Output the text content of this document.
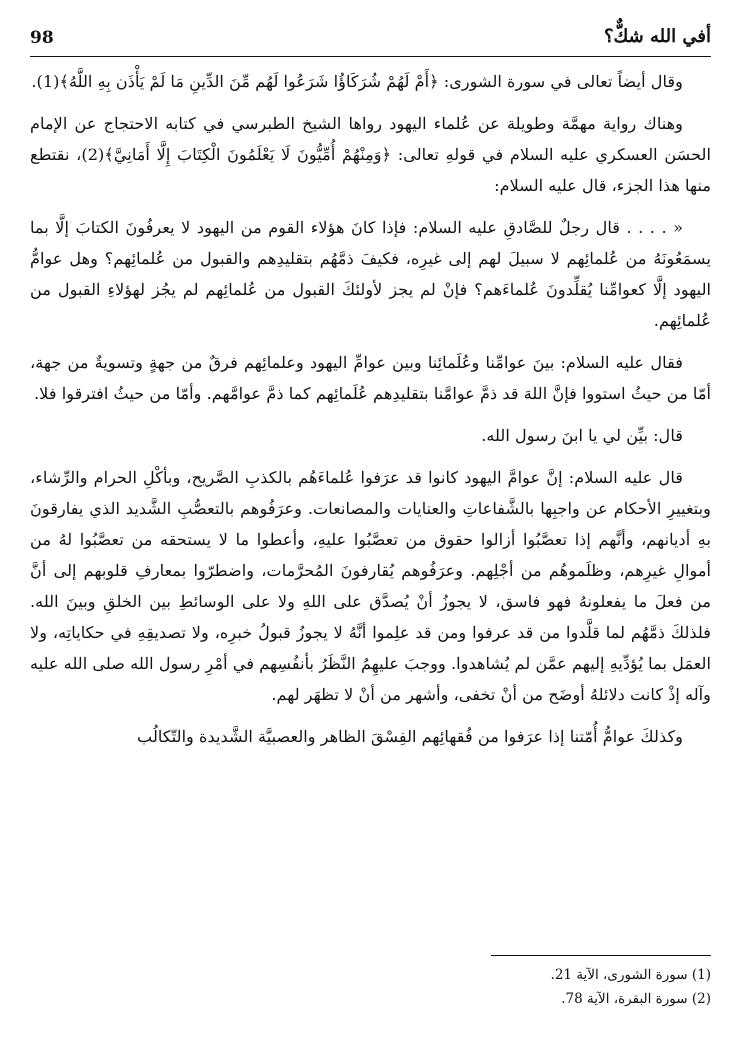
98	أفي الله شكٌّ؟

وقال أيضاً تعالى في سورة الشورى: ﴿أَمْ لَهُمْ شُرَكَاؤُا شَرَعُوا لَهُم مِّنَ الدِّينِ مَا لَمْ يَأْذَن بِهِ اللَّهُ﴾(1).

وهناك رواية مهمَّة وطويلة عن عُلماء اليهود رواها الشيخ الطبرسي في كتابه الاحتجاج عن الإمام الحسَن العسكري عليه السلام في قولهِ تعالى: ﴿وَمِنْهُمْ أُمِّيُّونَ لَا يَعْلَمُونَ الْكِتَابَ إِلَّا أَمَانِيَّ﴾(2)، نقتطع منها هذا الجزء، قال عليه السلام:

« . . . . قال رجلٌ للصَّادقِ عليه السلام: فإذا كانَ هؤلاء القوم من اليهود لا يعرفُونَ الكتابَ إلَّا بما يسمَعُونَهُ من عُلمائِهم لا سبيلَ لهم إلى غيرِه، فكيفَ ذمَّهُم بتقليدِهم والقبول من عُلمائِهم؟ وهل عوامُّ اليهود إلَّا كعوامِّنا يُقلِّدونَ عُلماءَهم؟ فإنْ لم يجز لأولئكَ القبول من عُلمائِهم لم يجُز لهؤلاءِ القبول من عُلمائِهم.

فقال عليه السلام: بينَ عوامِّنا وعُلَمائِنا وبين عوامِّ اليهود وعلمائِهم فرقٌ من جهةٍ وتسويةٌ من جهة، أمّا من حيثُ استووا فإنَّ اللهَ قد ذمَّ عوامَّنا بتقليدِهم عُلَمائِهم كما ذمَّ عوامَّهم. وأمّا من حيثُ افترقوا فلا.

قال: بيِّن لي يا ابنَ رسول الله.

قال عليه السلام: إنَّ عوامَّ اليهود كانوا قد عرَفوا عُلماءَهُم بالكذبِ الصَّريح، وبأكْلِ الحرام والرِّشاء، وبتغييرِ الأحكام عن واجبِها بالشَّفاعاتِ والعنايات والمصانعات. وعرَفُوهم بالتعصُّبِ الشَّديد الذي يفارقونَ بهِ أديانهم، وأنَّهم إذا تعصَّبُوا أزالوا حقوق من تعصَّبُوا عليهِ، وأعطوا ما لا يستحقه من تعصَّبُوا لهُ من أموالِ غيرِهم، وظلَموهُم من أجْلِهم. وعرَفُوهم يُقارفونَ المُحرَّمات، واضطرّوا بمعارفِ قلوبهم إلى أنَّ من فعلَ ما يفعلونهُ فهو فاسق، لا يجوزُ أنْ يُصدَّق على اللهِ ولا على الوسائطِ بين الخلقِ وبينَ الله. فلذلكَ ذمَّهُم لما قلَّدوا من قد عرفوا ومن قد علِموا أنَّهُ لا يجوزُ قبولُ خبرِه، ولا تصديقِهِ في حكاياتِه، ولا العمَل بما يُؤدِّيهِ إليهم عمَّن لم يُشاهدوا. ووجبَ عليهِمُ النَّظَرُ بأنفُسِهم في أمْرِ رسول الله صلى الله عليه وآله إذْ كانت دلائلهُ أوضَح من أنْ تخفى، وأشهر من أنْ لا تظهَر لهم.

وكذلكَ عوامُّ أُمّتنا إذا عرَفوا من فُقهائِهم الفِسْقَ الظاهر والعصبيَّة الشَّديدة والتّكالُب

(1) سورة الشورى، الآية 21.

(2) سورة البقرة، الآية 78.
